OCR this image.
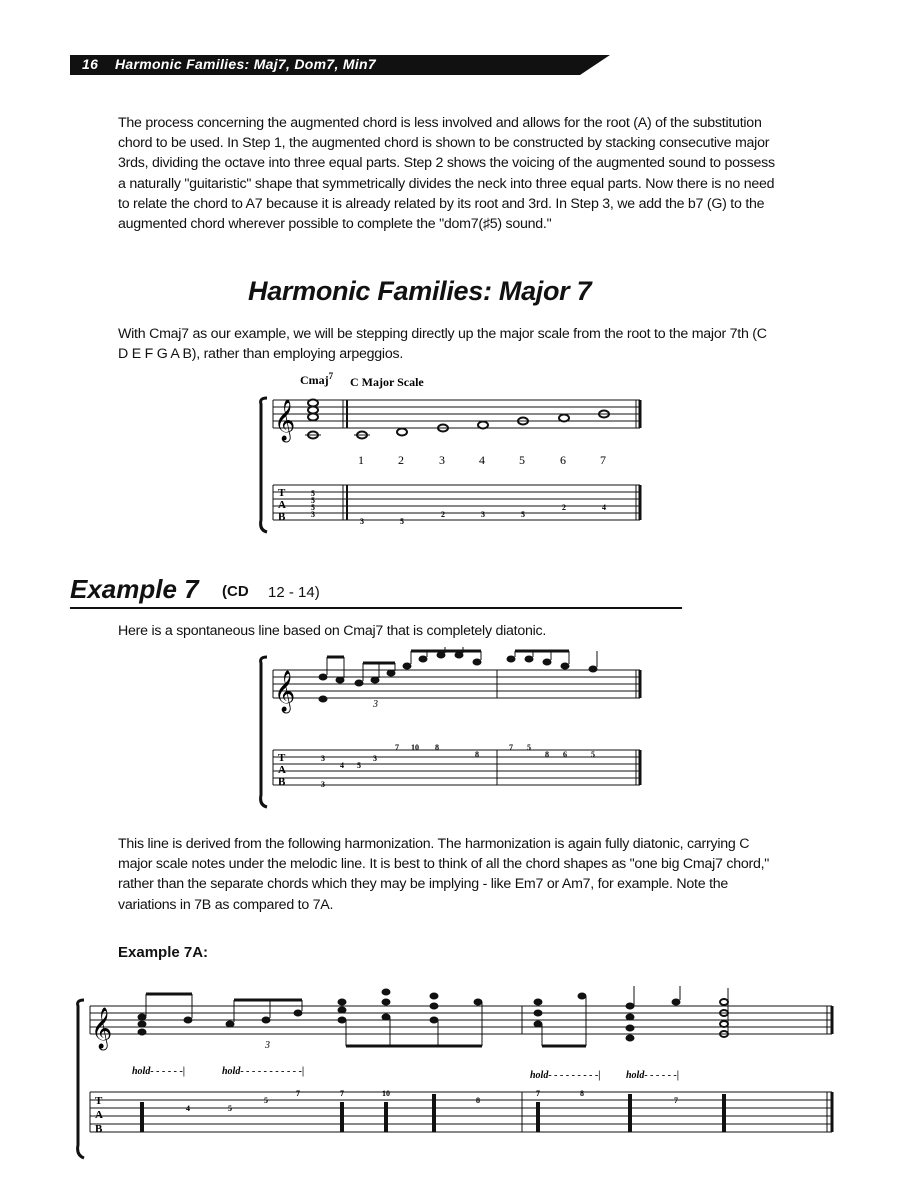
16 Harmonic Families: Maj7, Dom7, Min7
The process concerning the augmented chord is less involved and allows for the root (A) of the substitution chord to be used. In Step 1, the augmented chord is shown to be constructed by stacking consecutive major 3rds, dividing the octave into three equal parts. Step 2 shows the voicing of the augmented sound to possess a naturally "guitaristic" shape that symmetrically divides the neck into three equal parts. Now there is no need to relate the chord to A7 because it is already related by its root and 3rd. In Step 3, we add the b7 (G) to the augmented chord wherever possible to complete the "dom7(♯5) sound."
Harmonic Families: Major 7
With Cmaj7 as our example, we will be stepping directly up the major scale from the root to the major 7th (C D E F G A B), rather than employing arpeggios.
Cmaj$^7$ C Major Scale
𝄞
1	2	3	4	5	6	7
T
A
B
5
5
5
3
3	5
2	3	5
2	4
Example 7 (CD 12 - 14)
Here is a spontaneous line based on Cmaj7 that is completely diatonic.
𝄞	3
T
A
B
3
3
4 5
3
7 10 8
8
7 5
8 6	5
This line is derived from the following harmonization. The harmonization is again fully diatonic, carrying C major scale notes under the melodic line. It is best to think of all the chord shapes as "one big Cmaj7 chord," rather than the separate chords which they may be implying - like Em7 or Am7, for example. Note the variations in 7B as compared to 7A.
Example 7A:
𝄞	3
hold- - - - - -|	hold- - - - - - - - - - -|	hold- - - - - - - - -|	hold- - - - - -|
T
A
B
4	5
5
7	7	10
8
7	8
7
